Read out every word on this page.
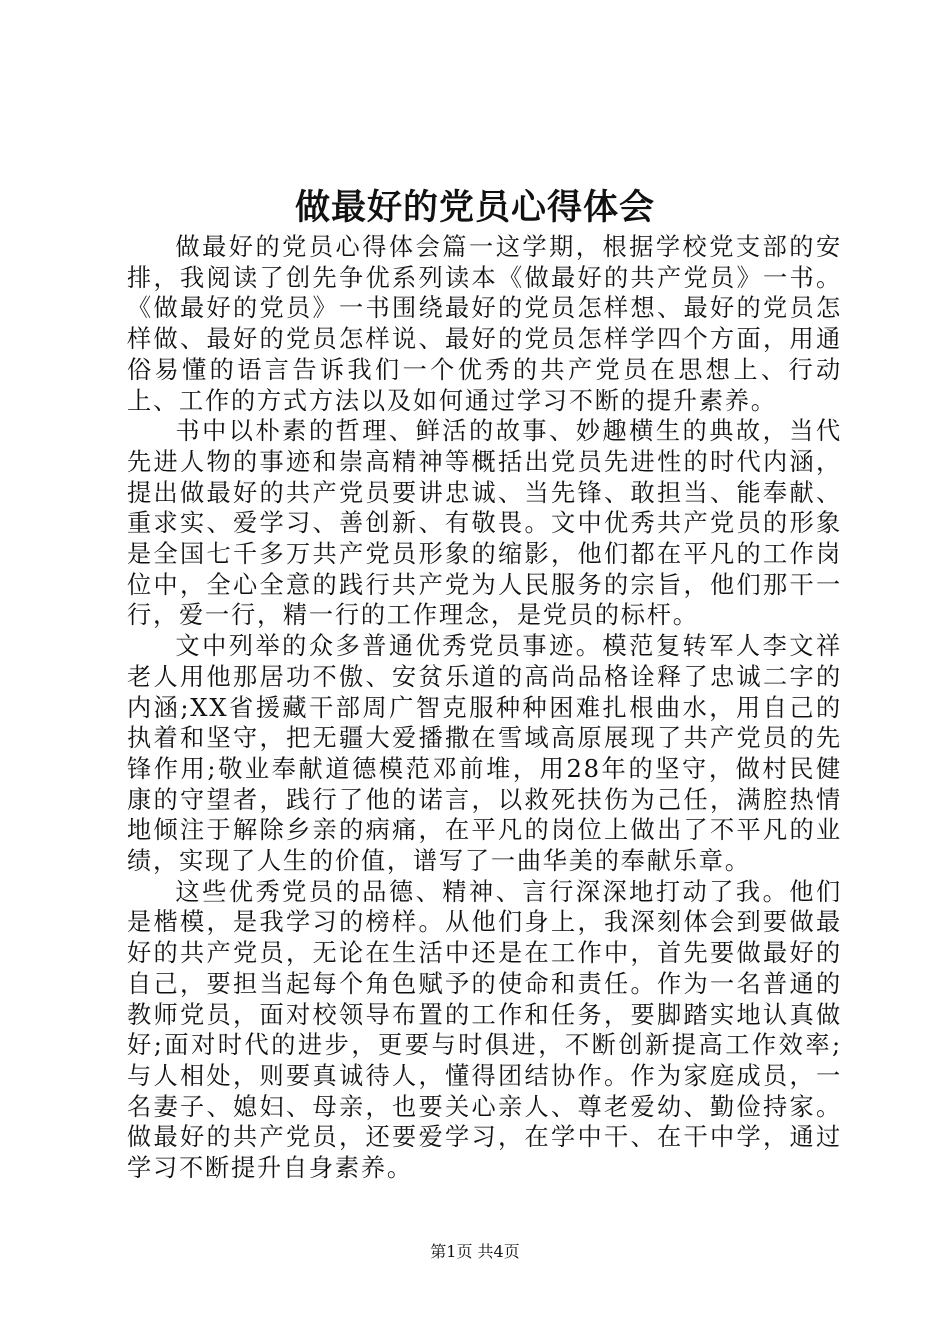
做最好的党员心得体会

做最好的党员心得体会篇一这学期，根据学校党支部的安排，我阅读了创先争优系列读本《做最好的共产党员》一书。《做最好的党员》一书围绕最好的党员怎样想、最好的党员怎样做、最好的党员怎样说、最好的党员怎样学四个方面，用通俗易懂的语言告诉我们一个优秀的共产党员在思想上、行动上、工作的方式方法以及如何通过学习不断的提升素养。

书中以朴素的哲理、鲜活的故事、妙趣横生的典故，当代先进人物的事迹和崇高精神等概括出党员先进性的时代内涵，提出做最好的共产党员要讲忠诚、当先锋、敢担当、能奉献、重求实、爱学习、善创新、有敬畏。文中优秀共产党员的形象是全国七千多万共产党员形象的缩影，他们都在平凡的工作岗位中，全心全意的践行共产党为人民服务的宗旨，他们那干一行，爱一行，精一行的工作理念，是党员的标杆。

文中列举的众多普通优秀党员事迹。模范复转军人李文祥老人用他那居功不傲、安贫乐道的高尚品格诠释了忠诚二字的内涵;XX省援藏干部周广智克服种种困难扎根曲水，用自己的执着和坚守，把无疆大爱播撒在雪域高原展现了共产党员的先锋作用;敬业奉献道德模范邓前堆，用28年的坚守，做村民健康的守望者，践行了他的诺言，以救死扶伤为己任，满腔热情地倾注于解除乡亲的病痛，在平凡的岗位上做出了不平凡的业绩，实现了人生的价值，谱写了一曲华美的奉献乐章。

这些优秀党员的品德、精神、言行深深地打动了我。他们是楷模，是我学习的榜样。从他们身上，我深刻体会到要做最好的共产党员，无论在生活中还是在工作中，首先要做最好的自己，要担当起每个角色赋予的使命和责任。作为一名普通的教师党员，面对校领导布置的工作和任务，要脚踏实地认真做好;面对时代的进步，更要与时俱进，不断创新提高工作效率;与人相处，则要真诚待人，懂得团结协作。作为家庭成员，一名妻子、媳妇、母亲，也要关心亲人、尊老爱幼、勤俭持家。做最好的共产党员，还要爱学习，在学中干、在干中学，通过学习不断提升自身素养。

第1页 共4页
